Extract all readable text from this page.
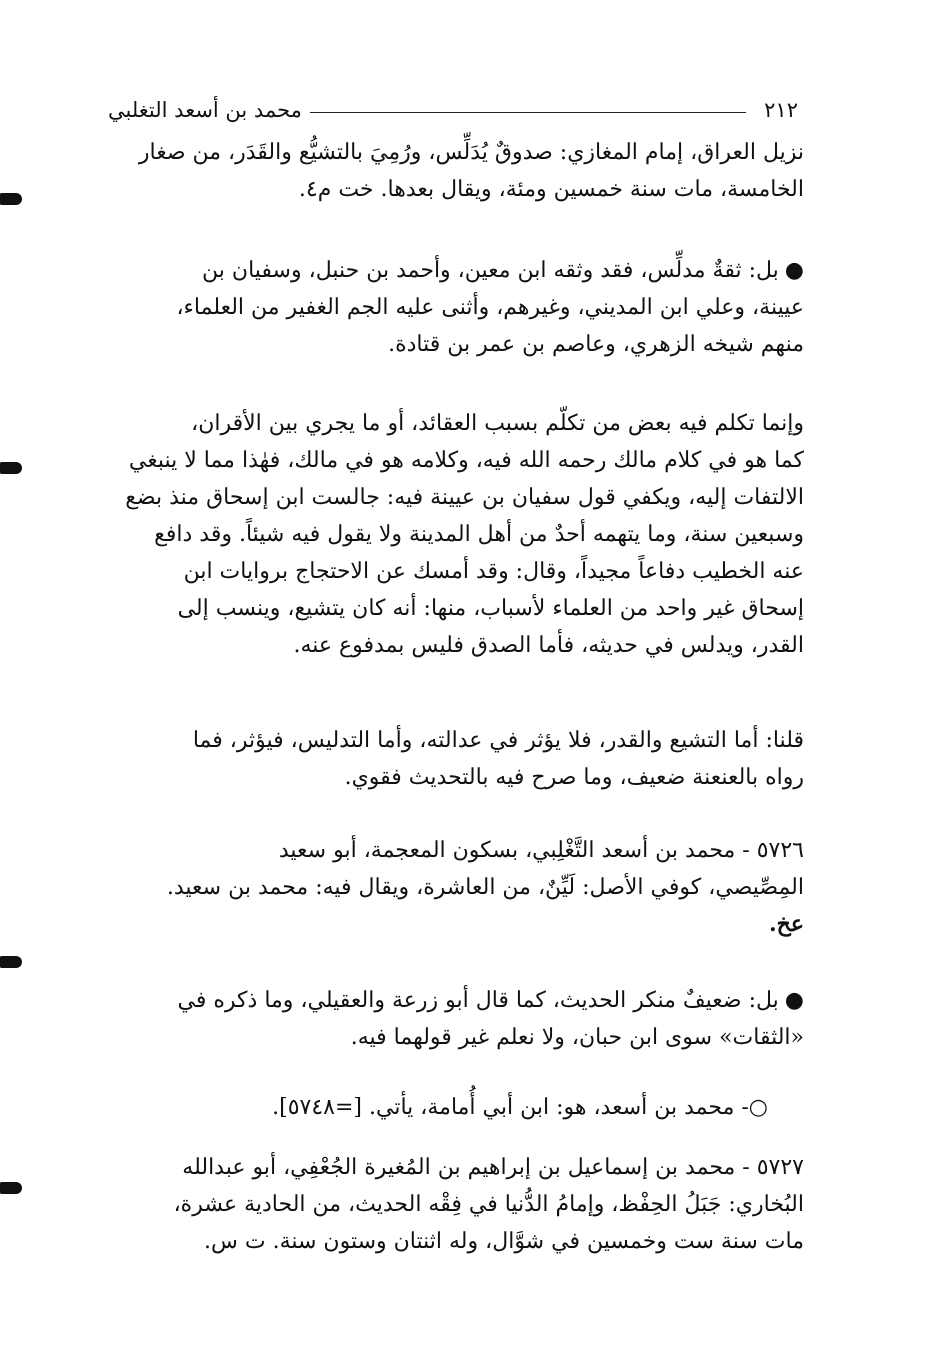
٢١٢
محمد بن أسعد التغلبي
نزيل العراق، إمام المغازي: صدوقٌ يُدَلِّس، ورُمِيَ بالتشيُّع والقَدَر، من صغار
الخامسة، مات سنة خمسين ومئة، ويقال بعدها. خت م٤.
●بل: ثقةٌ مدلِّس، فقد وثقه ابن معين، وأحمد بن حنبل، وسفيان بن
عيينة، وعلي ابن المديني، وغيرهم، وأثنى عليه الجم الغفير من العلماء،
منهم شيخه الزهري، وعاصم بن عمر بن قتادة.
وإنما تكلم فيه بعض من تكلّم بسبب العقائد، أو ما يجري بين الأقران،
كما هو في كلام مالك رحمه الله فيه، وكلامه هو في مالك، فهٰذا مما لا ينبغي
الالتفات إليه، ويكفي قول سفيان بن عيينة فيه: جالست ابن إسحاق منذ بضع
وسبعين سنة، وما يتهمه أحدٌ من أهل المدينة ولا يقول فيه شيئاً. وقد دافع
عنه الخطيب دفاعاً مجيداً، وقال: وقد أمسك عن الاحتجاج بروايات ابن
إسحاق غير واحد من العلماء لأسباب، منها: أنه كان يتشيع، وينسب إلى
القدر، ويدلس في حديثه، فأما الصدق فليس بمدفوع عنه.
قلنا: أما التشيع والقدر، فلا يؤثر في عدالته، وأما التدليس، فيؤثر، فما
رواه بالعنعنة ضعيف، وما صرح فيه بالتحديث فقوي.
٥٧٢٦ - محمد بن أسعد التَّغْلِبي، بسكون المعجمة، أبو سعيد
المِصِّيصي، كوفي الأصل: لَيِّنٌ، من العاشرة، ويقال فيه: محمد بن سعيد.
عخ.
●بل: ضعيفٌ منكر الحديث، كما قال أبو زرعة والعقيلي، وما ذكره في
«الثقات» سوى ابن حبان، ولا نعلم غير قولهما فيه.
○- محمد بن أسعد، هو: ابن أبي أُمامة، يأتي. [=٥٧٤٨].
٥٧٢٧ - محمد بن إسماعيل بن إبراهيم بن المُغيرة الجُعْفِي، أبو عبدالله
البُخاري: جَبَلُ الحِفْظ، وإمامُ الدُّنيا في فِقْه الحديث، من الحادية عشرة،
مات سنة ست وخمسين في شوَّال، وله اثنتان وستون سنة. ت س.
